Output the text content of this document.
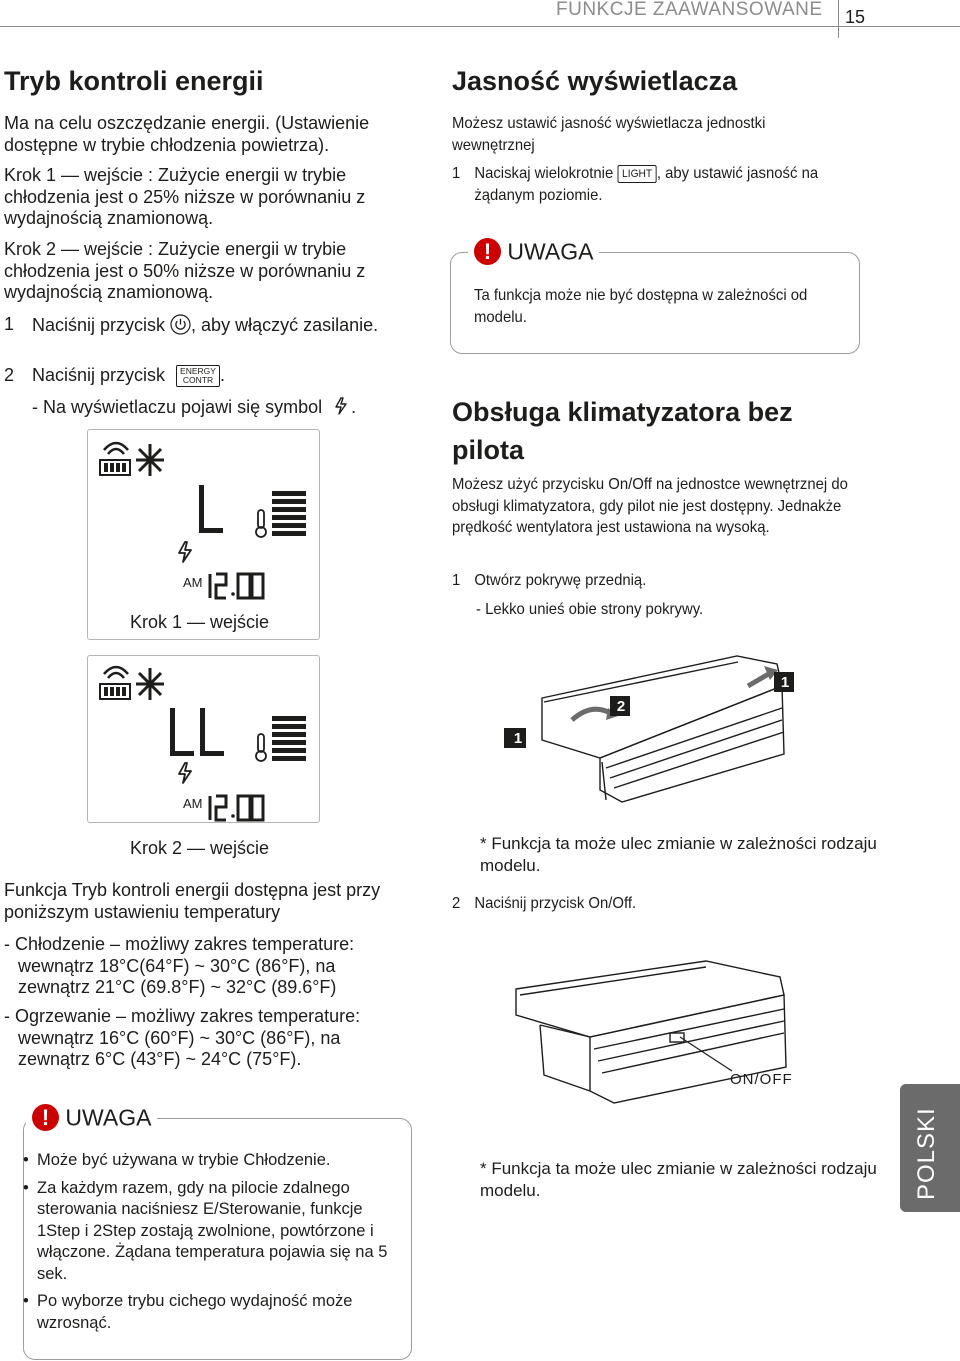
FUNKCJE ZAAWANSOWANE 15
Tryb kontroli energii
Ma na celu oszczędzanie energii. (Ustawienie dostępne w trybie chłodzenia powietrza).
Krok 1 — wejście : Zużycie energii w trybie chłodzenia jest o 25% niższe w porównaniu z wydajnością znamionową.
Krok 2 — wejście : Zużycie energii w trybie chłodzenia jest o 50% niższe w porównaniu z wydajnością znamionową.
1 Naciśnij przycisk , aby włączyć zasilanie.
2 Naciśnij przycisk ENERGY
CONTR .
- Na wyświetlaczu pojawi się symbol .
AM
Krok 1 — wejście
AM
Krok 2 — wejście
Funkcja Tryb kontroli energii dostępna jest przy poniższym ustawieniu temperatury
- Chłodzenie – możliwy zakres temperature:
wewnątrz 18°C(64°F) ~ 30°C (86°F), na
zewnątrz 21°C (69.8°F) ~ 32°C (89.6°F)
- Ogrzewanie – możliwy zakres temperature:
wewnątrz 16°C (60°F) ~ 30°C (86°F), na
zewnątrz 6°C (43°F) ~ 24°C (75°F).
! UWAGA
• Może być używana w trybie Chłodzenie.
• Za każdym razem, gdy na pilocie zdalnego sterowania naciśniesz E/Sterowanie, funkcje 1Step i 2Step zostają zwolnione, powtórzone i włączone. Żądana temperatura pojawia się na 5 sek.
• Po wyborze trybu cichego wydajność może wzrosnąć.
Jasność wyświetlacza
Możesz ustawić jasność wyświetlacza jednostki wewnętrznej
1 Naciskaj wielokrotnie LIGHT , aby ustawić jasność na żądanym poziomie.
! UWAGA
Ta funkcja może nie być dostępna w zależności od modelu.
Obsługa klimatyzatora bez pilota
Możesz użyć przycisku On/Off na jednostce wewnętrznej do obsługi klimatyzatora, gdy pilot nie jest dostępny. Jednakże prędkość wentylatora jest ustawiona na wysoką.
1 Otwórz pokrywę przednią.
- Lekko unieś obie strony pokrywy.
1
2
1
* Funkcja ta może ulec zmianie w zależności rodzaju modelu.
2 Naciśnij przycisk On/Off.
ON/OFF
* Funkcja ta może ulec zmianie w zależności rodzaju modelu.	POLSKI
